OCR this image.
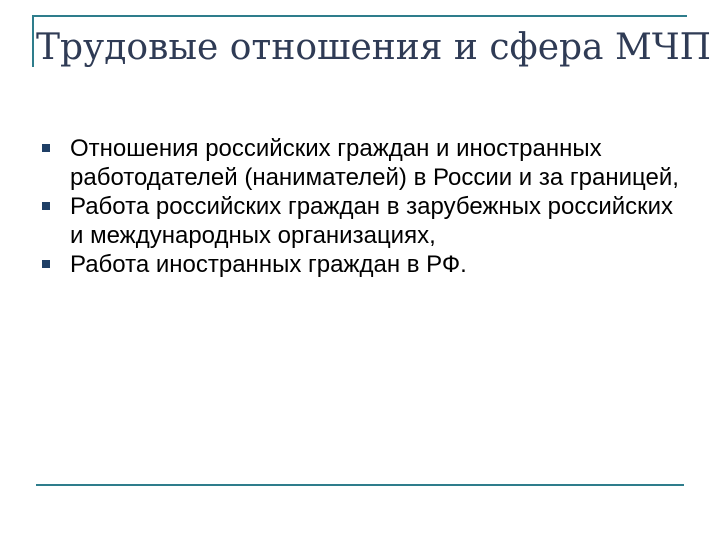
Трудовые отношения и сфера МЧП
Отношения российских граждан и иностранных работодателей (нанимателей) в России и за границей,
Работа российских граждан в зарубежных российских и международных организациях,
Работа иностранных граждан в РФ.
